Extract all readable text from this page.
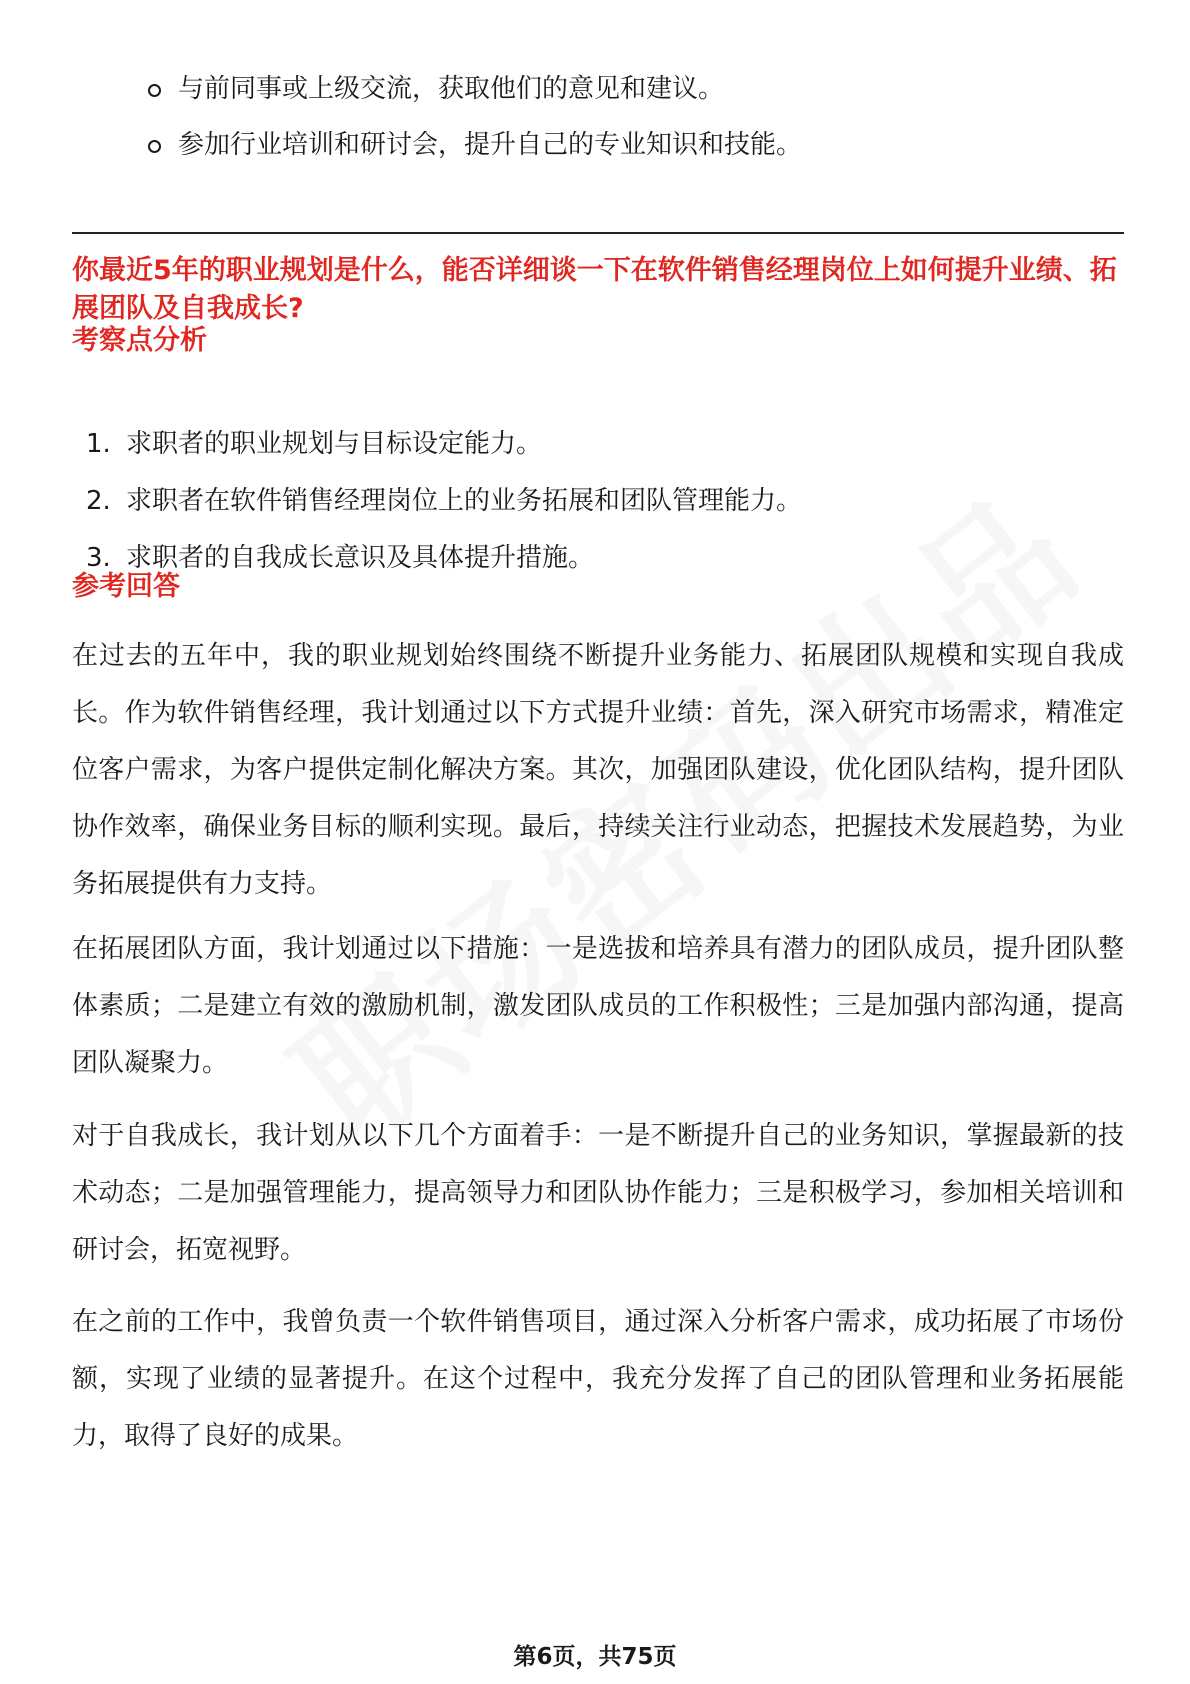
与前同事或上级交流，获取他们的意见和建议。
参加行业培训和研讨会，提升自己的专业知识和技能。
你最近5年的职业规划是什么，能否详细谈一下在软件销售经理岗位上如何提升业绩、拓展团队及自我成长?
考察点分析
1. 求职者的职业规划与目标设定能力。
2. 求职者在软件销售经理岗位上的业务拓展和团队管理能力。
3. 求职者的自我成长意识及具体提升措施。
参考回答
在过去的五年中，我的职业规划始终围绕不断提升业务能力、拓展团队规模和实现自我成长。作为软件销售经理，我计划通过以下方式提升业绩：首先，深入研究市场需求，精准定位客户需求，为客户提供定制化解决方案。其次，加强团队建设，优化团队结构，提升团队协作效率，确保业务目标的顺利实现。最后，持续关注行业动态，把握技术发展趋势，为业务拓展提供有力支持。
在拓展团队方面，我计划通过以下措施：一是选拔和培养具有潜力的团队成员，提升团队整体素质；二是建立有效的激励机制，激发团队成员的工作积极性；三是加强内部沟通，提高团队凝聚力。
对于自我成长，我计划从以下几个方面着手：一是不断提升自己的业务知识，掌握最新的技术动态；二是加强管理能力，提高领导力和团队协作能力；三是积极学习，参加相关培训和研讨会，拓宽视野。
在之前的工作中，我曾负责一个软件销售项目，通过深入分析客户需求，成功拓展了市场份额，实现了业绩的显著提升。在这个过程中，我充分发挥了自己的团队管理和业务拓展能力，取得了良好的成果。
第6页，共75页
